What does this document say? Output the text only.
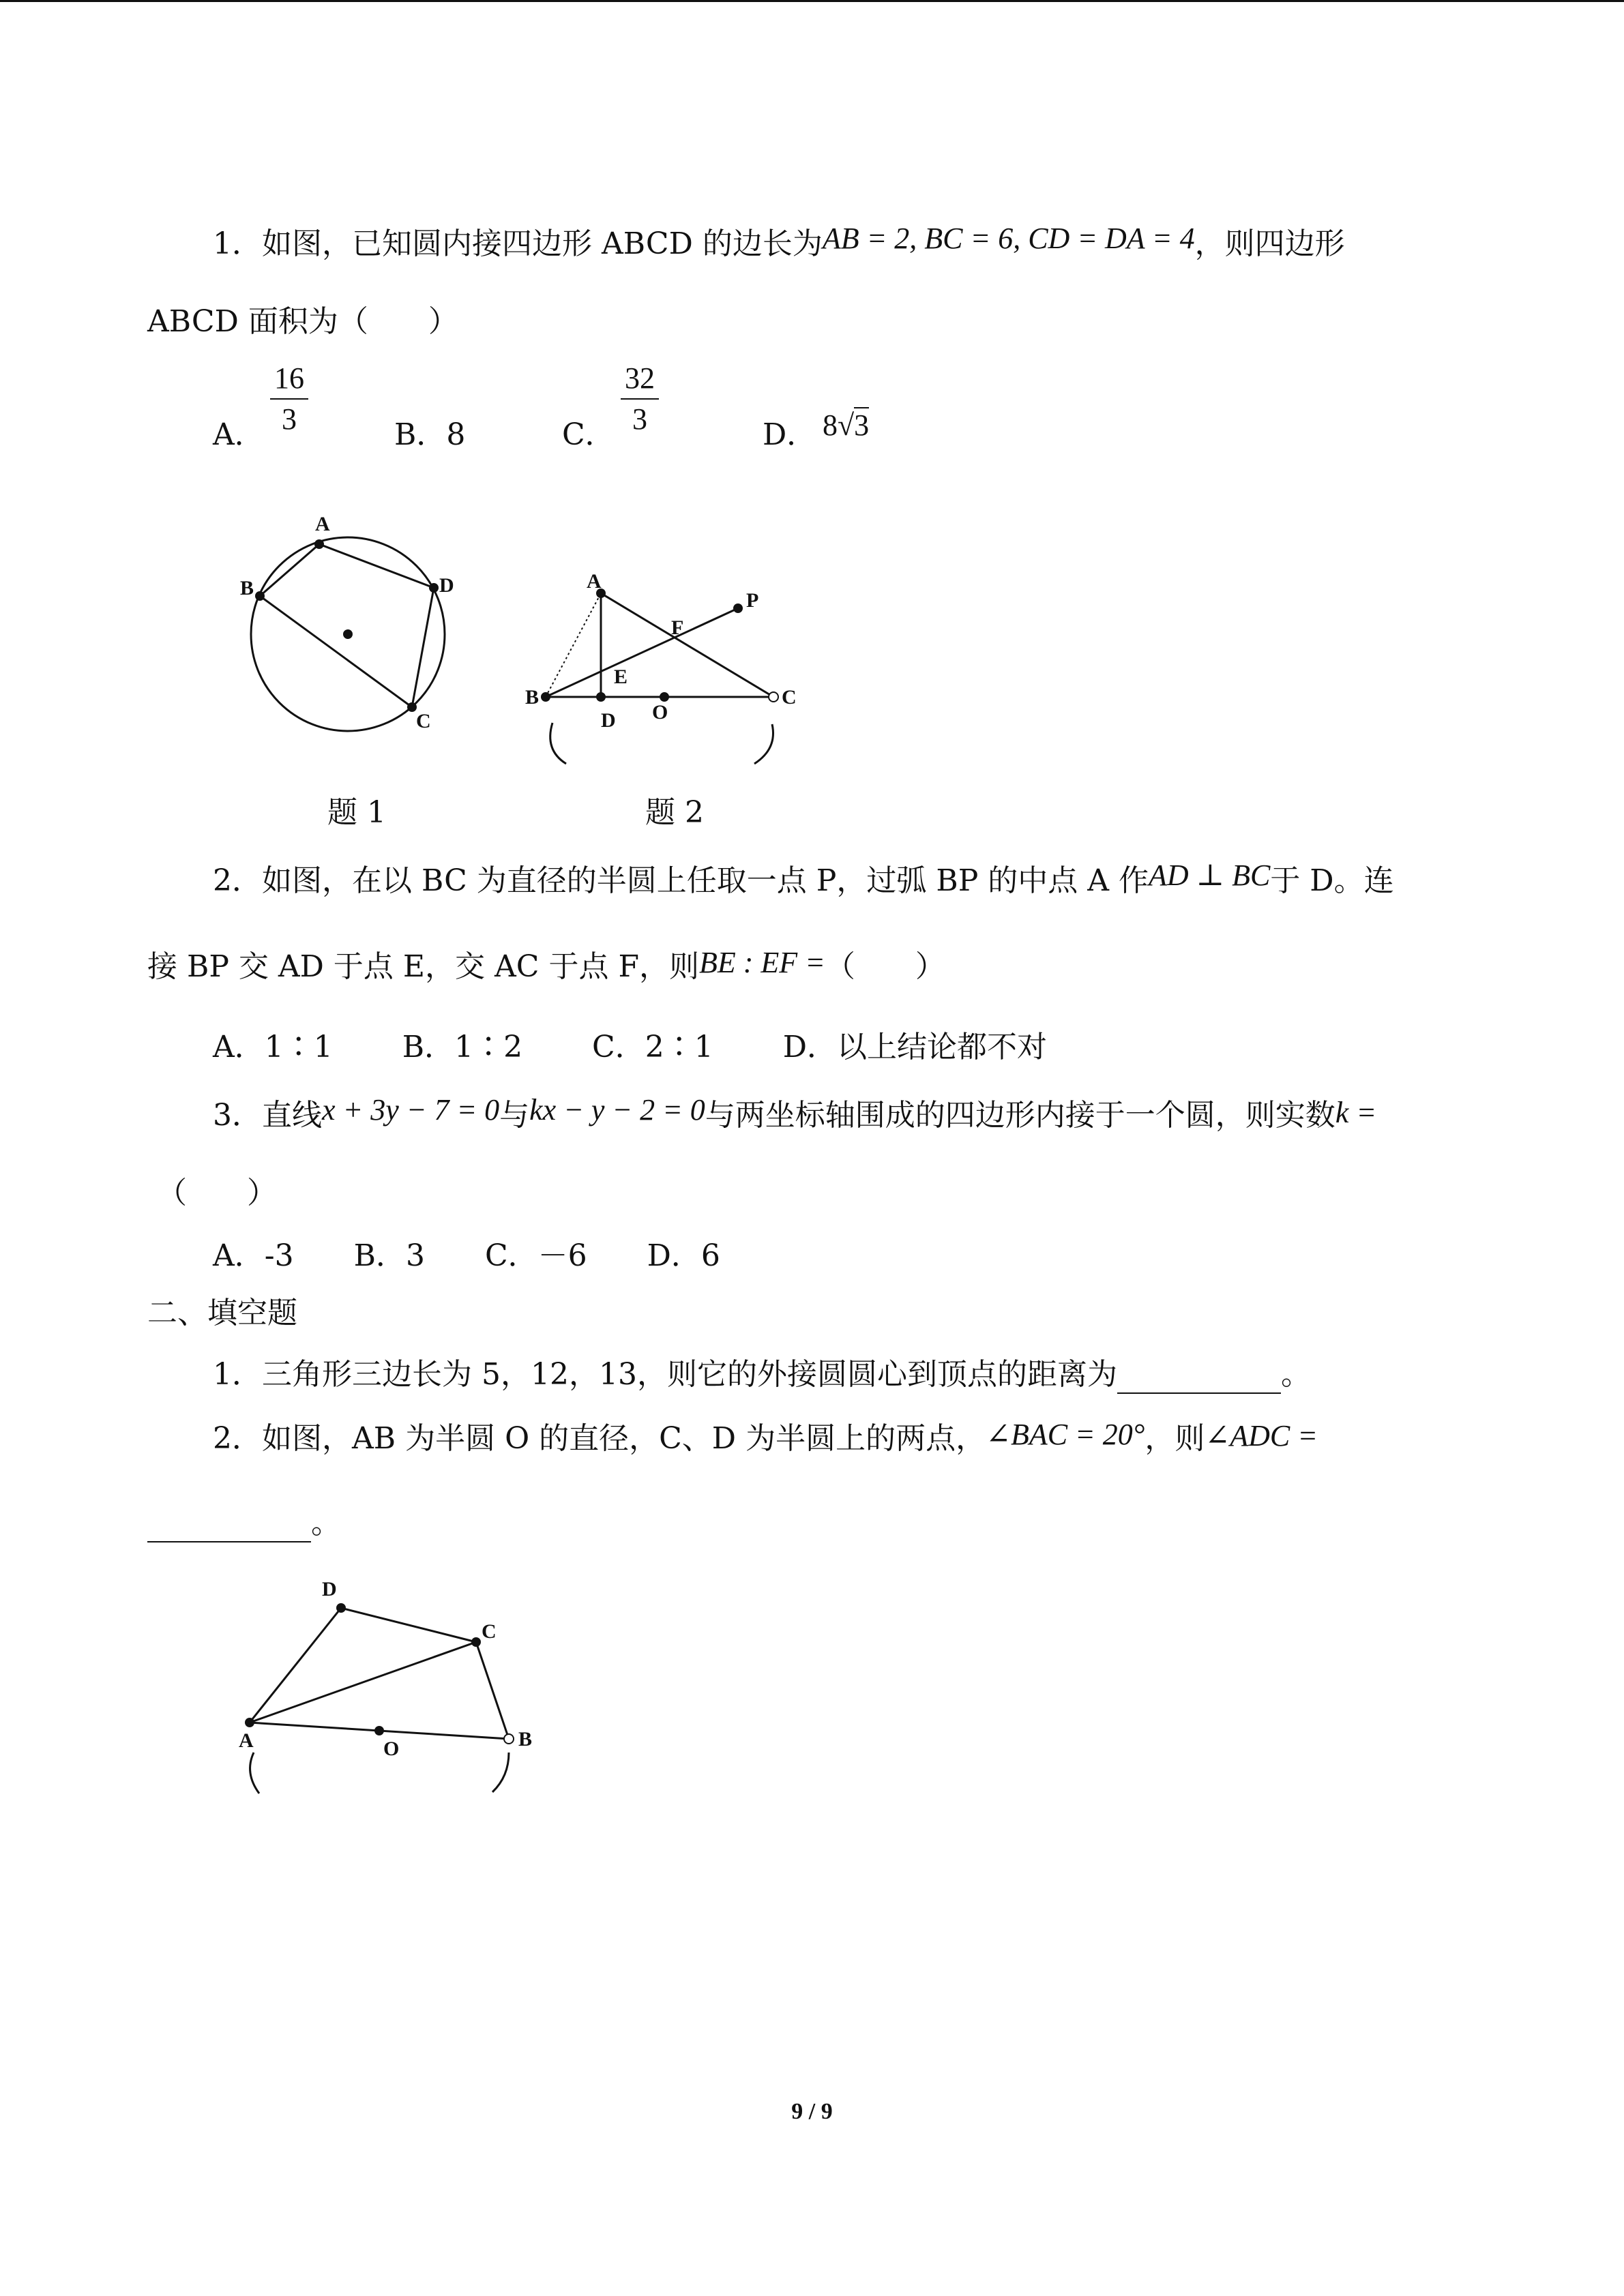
1．如图，已知圆内接四边形 ABCD 的边长为AB = 2, BC = 6, CD = DA = 4，则四边形
ABCD 面积为（　　）
A．
16
3	B．8	C．
32
3	D． 8√3
A
B
C
D	A
P
F
E
B
D O
C
题 1	题 2
2．如图，在以 BC 为直径的半圆上任取一点 P，过弧 BP 的中点 A 作AD ⊥ BC于 D。连
接 BP 交 AD 于点 E，交 AC 于点 F，则BE : EF =（　　）
A．1∶1　　 B．1∶2　　 C．2∶1　　 D．以上结论都不对
3．直线x + 3y − 7 = 0与kx − y − 2 = 0与两坐标轴围成的四边形内接于一个圆，则实数k =
（　　）
A．-3　　B．3　　C．－6　　D．6
二、填空题
1．三角形三边长为 5，12，13，则它的外接圆圆心到顶点的距离为	。
2．如图，AB 为半圆 O 的直径，C、D 为半圆上的两点，∠BAC = 20°，则∠ADC =
。
D
C
A	O	B
9 / 9
